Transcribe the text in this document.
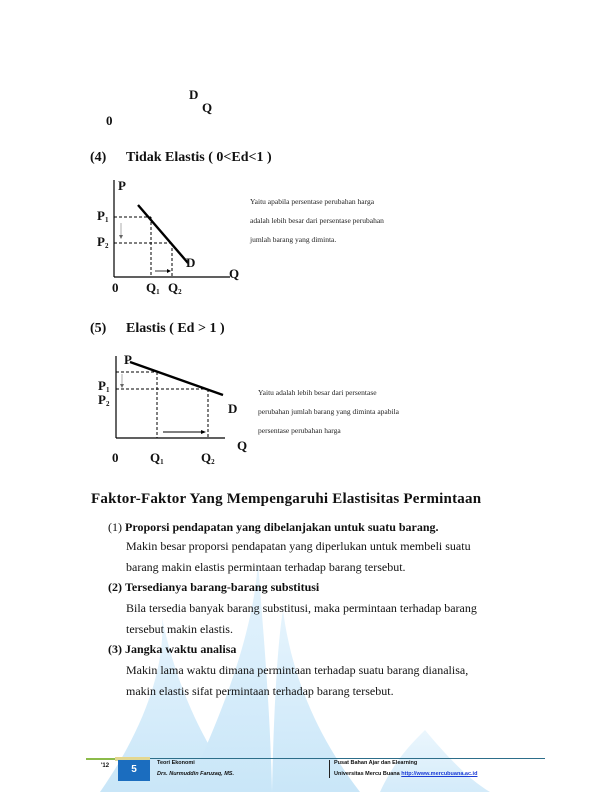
D
Q
0
(4) Tidak Elastis ( 0<Ed<1 )
P
$P_1$
$P_2$
D
Q
0 $Q_1$ $Q_2$
Yaitu apabila persentase perubahan harga
adalah lebih besar dari persentase perubahan
jumlah barang yang diminta.
(5) Elastis ( Ed > 1 )
P
$P_1$
$P_2$	D
Q
0 $Q_1$	$Q_2$
Yaitu adalah lebih besar dari persentase
perubahan jumlah barang yang diminta apabila
persentase perubahan harga
Faktor-Faktor Yang Mempengaruhi Elastisitas Permintaan
(1) Proporsi pendapatan yang dibelanjakan untuk suatu barang.
Makin besar proporsi pendapatan yang diperlukan untuk membeli suatu
barang makin elastis permintaan terhadap barang tersebut.
(2) Tersedianya barang-barang substitusi
Bila tersedia banyak barang substitusi, maka permintaan terhadap barang
tersebut makin elastis.
(3) Jangka waktu analisa
Makin lama waktu dimana permintaan terhadap suatu barang dianalisa,
makin elastis sifat permintaan terhadap barang tersebut.
'12	5
Teori Ekonomi
Drs. Nurmuddin Faruzaq, MS.
Pusat Bahan Ajar dan Elearning
Universitas Mercu Buana http://www.mercubuana.ac.id
